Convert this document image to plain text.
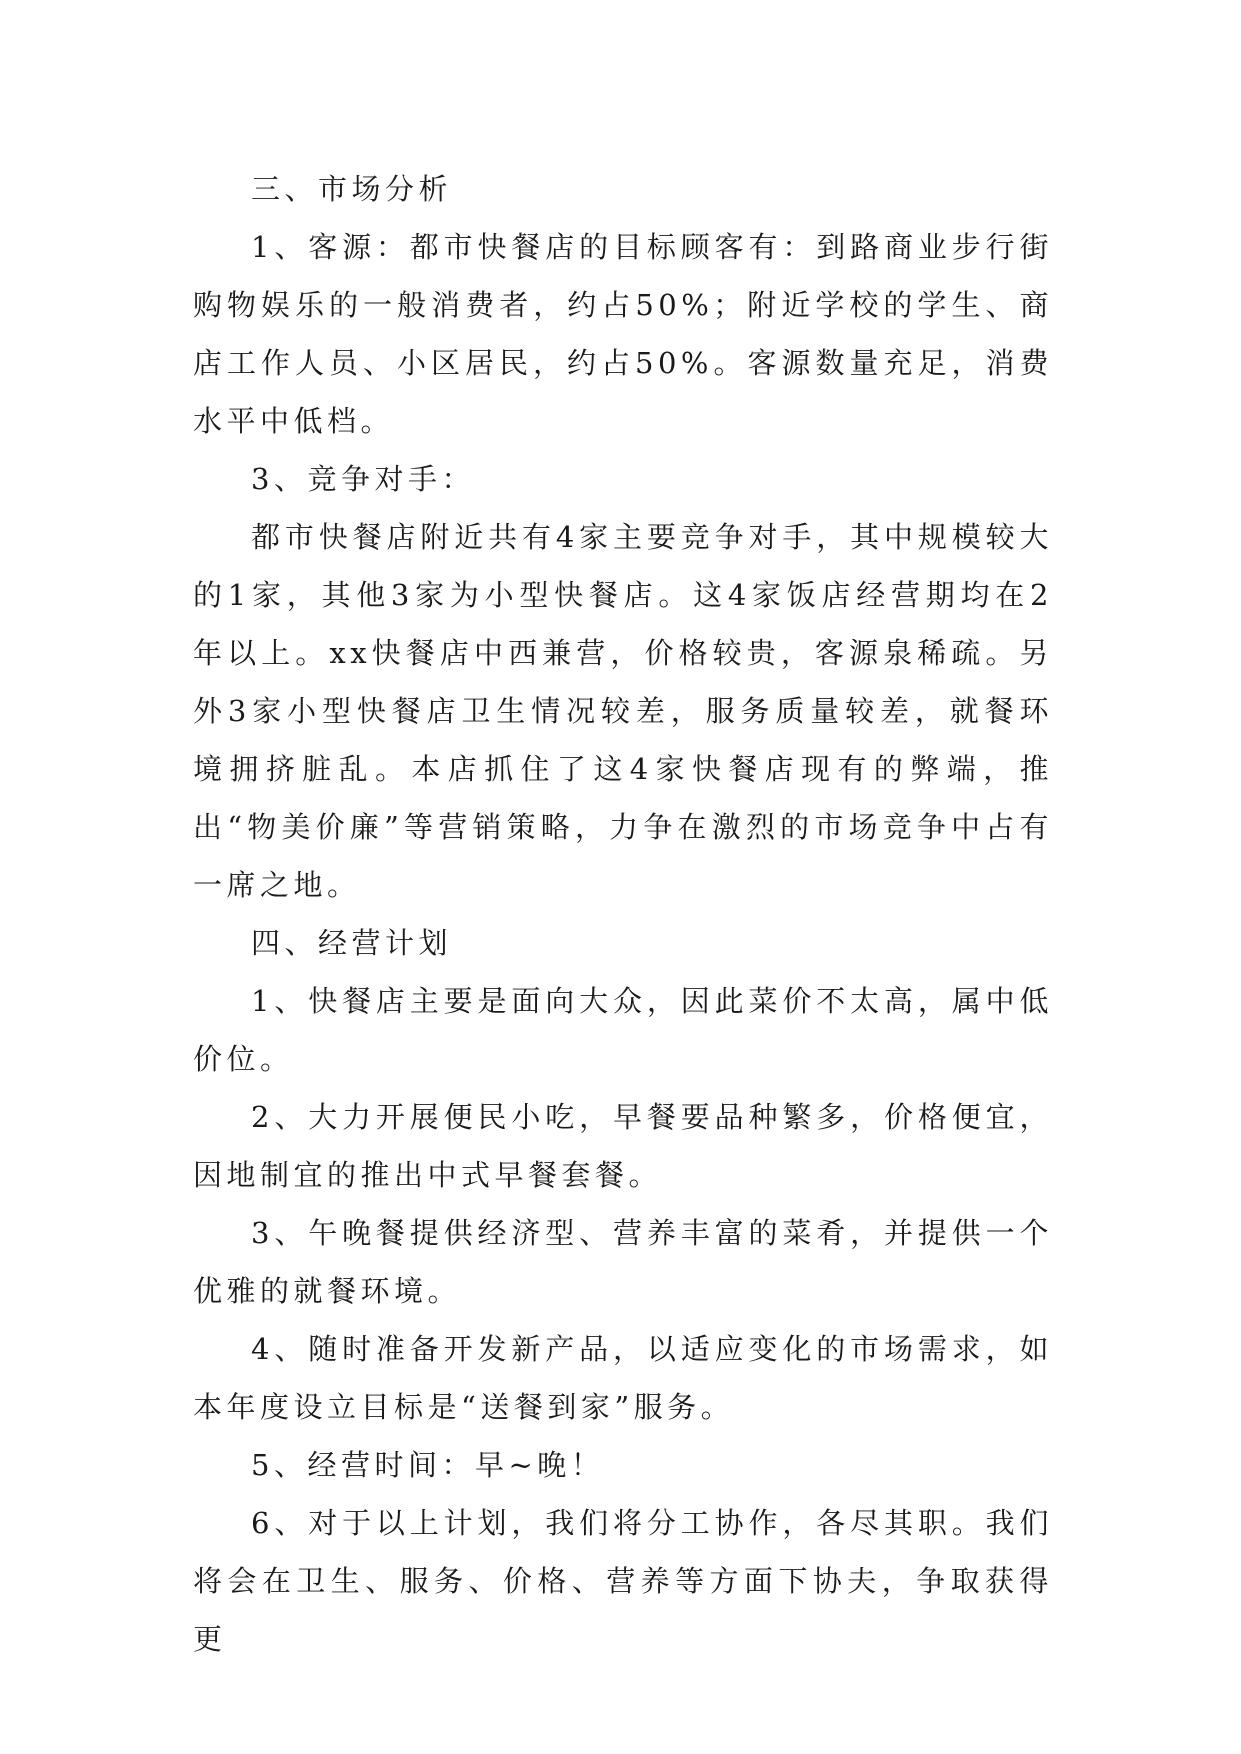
三、市场分析

1、客源：都市快餐店的目标顾客有：到路商业步行街购物娱乐的一般消费者，约占50%；附近学校的学生、商店工作人员、小区居民，约占50%。客源数量充足，消费水平中低档。

3、竞争对手：

都市快餐店附近共有4家主要竞争对手，其中规模较大的1家，其他3家为小型快餐店。这4家饭店经营期均在2年以上。xx快餐店中西兼营，价格较贵，客源泉稀疏。另外3家小型快餐店卫生情况较差，服务质量较差，就餐环境拥挤脏乱。本店抓住了这4家快餐店现有的弊端，推出“物美价廉”等营销策略，力争在激烈的市场竞争中占有一席之地。

四、经营计划

1、快餐店主要是面向大众，因此菜价不太高，属中低价位。

2、大力开展便民小吃，早餐要品种繁多，价格便宜，因地制宜的推出中式早餐套餐。

3、午晚餐提供经济型、营养丰富的菜肴，并提供一个优雅的就餐环境。

4、随时准备开发新产品，以适应变化的市场需求，如本年度设立目标是“送餐到家”服务。

5、经营时间：早~晚！

6、对于以上计划，我们将分工协作，各尽其职。我们将会在卫生、服务、价格、营养等方面下协夫，争取获得更
